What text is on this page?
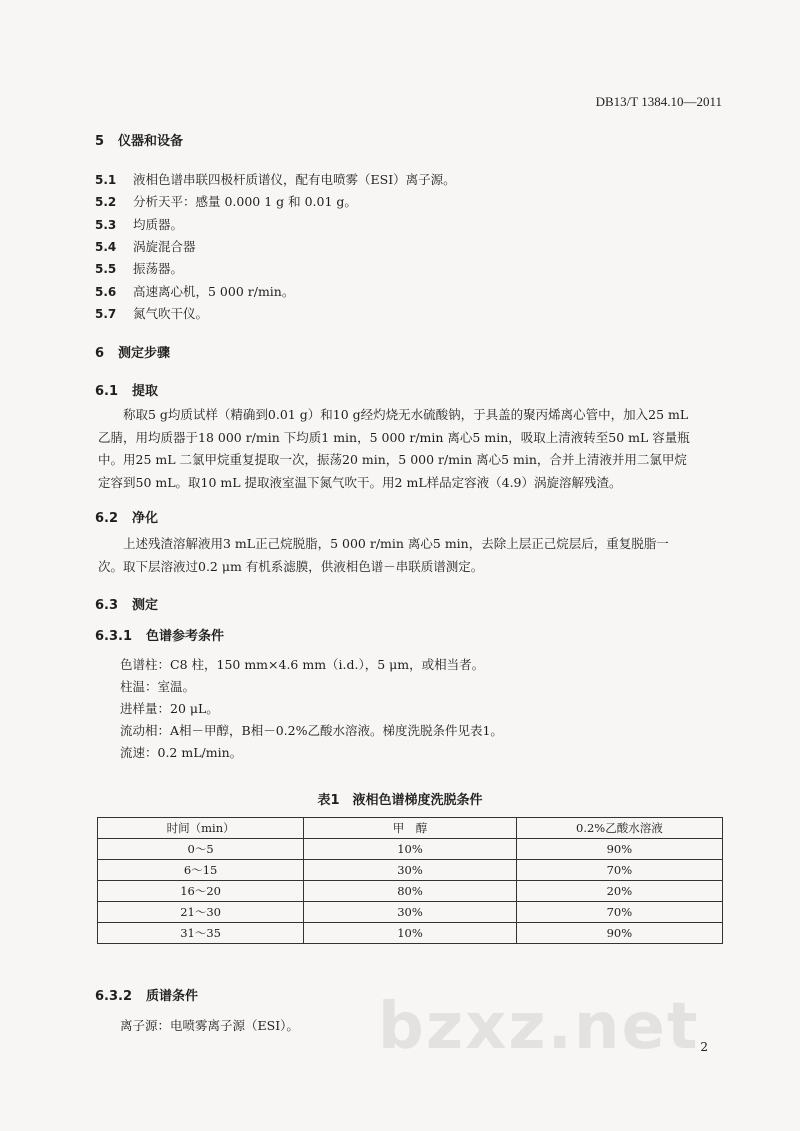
DB13/T 1384.10—2011
5 仪器和设备
5.1 液相色谱串联四极杆质谱仪，配有电喷雾（ESI）离子源。
5.2 分析天平：感量 0.000 1 g 和 0.01 g。
5.3 均质器。
5.4 涡旋混合器
5.5 振荡器。
5.6 高速离心机，5 000 r/min。
5.7 氮气吹干仪。
6 测定步骤
6.1 提取

称取5 g均质试样（精确到0.01 g）和10 g经灼烧无水硫酸钠，于具盖的聚丙烯离心管中，加入25 mL

乙腈，用均质器于18 000 r/min 下均质1 min，5 000 r/min 离心5 min，吸取上清液转至50 mL 容量瓶

中。用25 mL 二氯甲烷重复提取一次，振荡20 min，5 000 r/min 离心5 min，合并上清液并用二氯甲烷

定容到50 mL。取10 mL 提取液室温下氮气吹干。用2 mL样品定容液（4.9）涡旋溶解残渣。

6.2 净化

上述残渣溶解液用3 mL正己烷脱脂，5 000 r/min 离心5 min，去除上层正己烷层后，重复脱脂一

次。取下层溶液过0.2 μm 有机系滤膜，供液相色谱－串联质谱测定。

6.3 测定
6.3.1 色谱参考条件
色谱柱：C8 柱，150 mm×4.6 mm（i.d.），5 μm，或相当者。
柱温：室温。
进样量：20 μL。
流动相：A相－甲醇，B相－0.2%乙酸水溶液。梯度洗脱条件见表1。
流速：0.2 mL/min。
表1　液相色谱梯度洗脱条件
时间（min）	甲　醇	0.2%乙酸水溶液
0～5	10%	90%
6～15	30%	70%
16～20	80%	20%
21～30	30%	70%
31～35	10%	90%
6.3.2 质谱条件
离子源：电喷雾离子源（ESI）。 bzxz.net 2
